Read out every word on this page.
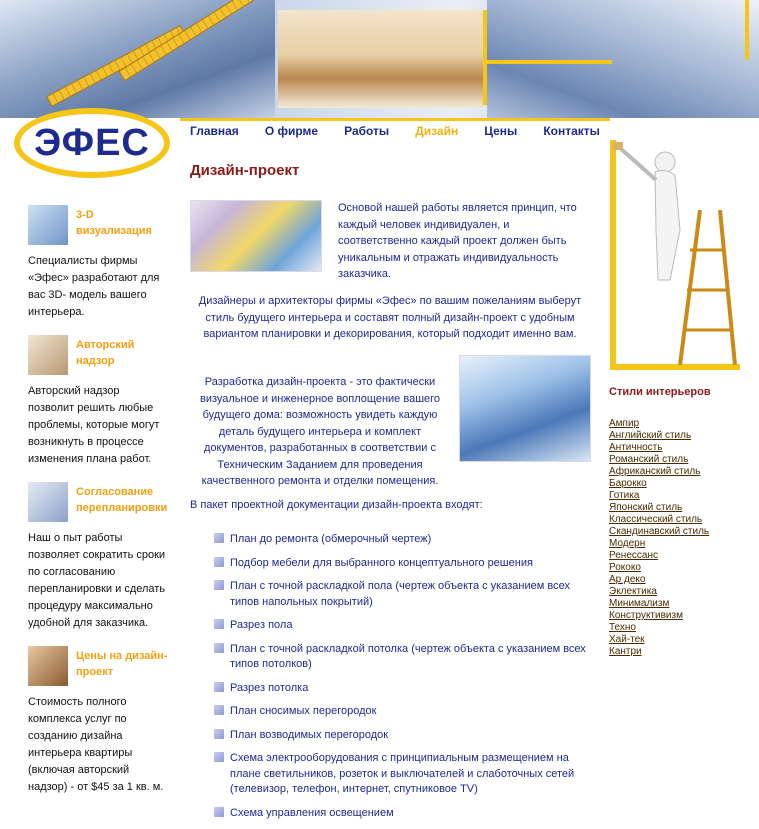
ЭФЕС	Главная О фирме Работы Дизайн Цены Контакты
3-D визуализация
Специалисты фирмы «Эфес» разработают для вас 3D- модель вашего интерьера.
Авторский надзор
Авторский надзор позволит решить любые проблемы, которые могут возникнуть в процессе изменения плана работ.
Согласование перепланировки
Наш о пыт работы позволяет сократить сроки по согласованию перепланировки и сделать процедуру максимально удобной для заказчика.
Цены на дизайн-проект
Стоимость полного комплекса услуг по созданию дизайна интерьера квартиры (включая авторский надзор) - от $45 за 1 кв. м.
Дизайн-проект
Основой нашей работы является принцип, что каждый человек индивидуален, и соответственно каждый проект должен быть уникальным и отражать индивидуальность заказчика.
Дизайнеры и архитекторы фирмы «Эфес» по вашим пожеланиям выберут стиль будущего интерьера и составят полный дизайн-проект с удобным вариантом планировки и декорирования, который подходит именно вам.
Разработка дизайн-проекта - это фактически визуальное и инженерное воплощение вашего будущего дома: возможность увидеть каждую деталь будущего интерьера и комплект документов, разработанных в соответствии с Техническим Заданием для проведения качественного ремонта и отделки помещения.
В пакет проектной документации дизайн-проекта входят:
План до ремонта (обмерочный чертеж)
Подбор мебели для выбранного концептуального решения
План с точной раскладкой пола (чертеж объекта с указанием всех типов напольных покрытий)
Разрез пола
План с точной раскладкой потолка (чертеж объекта с указанием всех типов потолков)
Разрез потолка
План сносимых перегородок
План возводимых перегородок
Схема электрооборудования с принципиальным размещением на плане светильников, розеток и выключателей и слаботочных сетей (телевизор, телефон, интернет, спутниковое TV)
Схема управления освещением
Стили интерьеров
Ампир
Английский стиль
Античность
Романский стиль
Африканский стиль
Барокко
Готика
Японский стиль
Классический стиль
Скандинавский стиль
Модерн
Ренессанс
Рококо
Ар деко
Эклектика
Минимализм
Конструктивизм
Техно
Хай-тек
Кантри
